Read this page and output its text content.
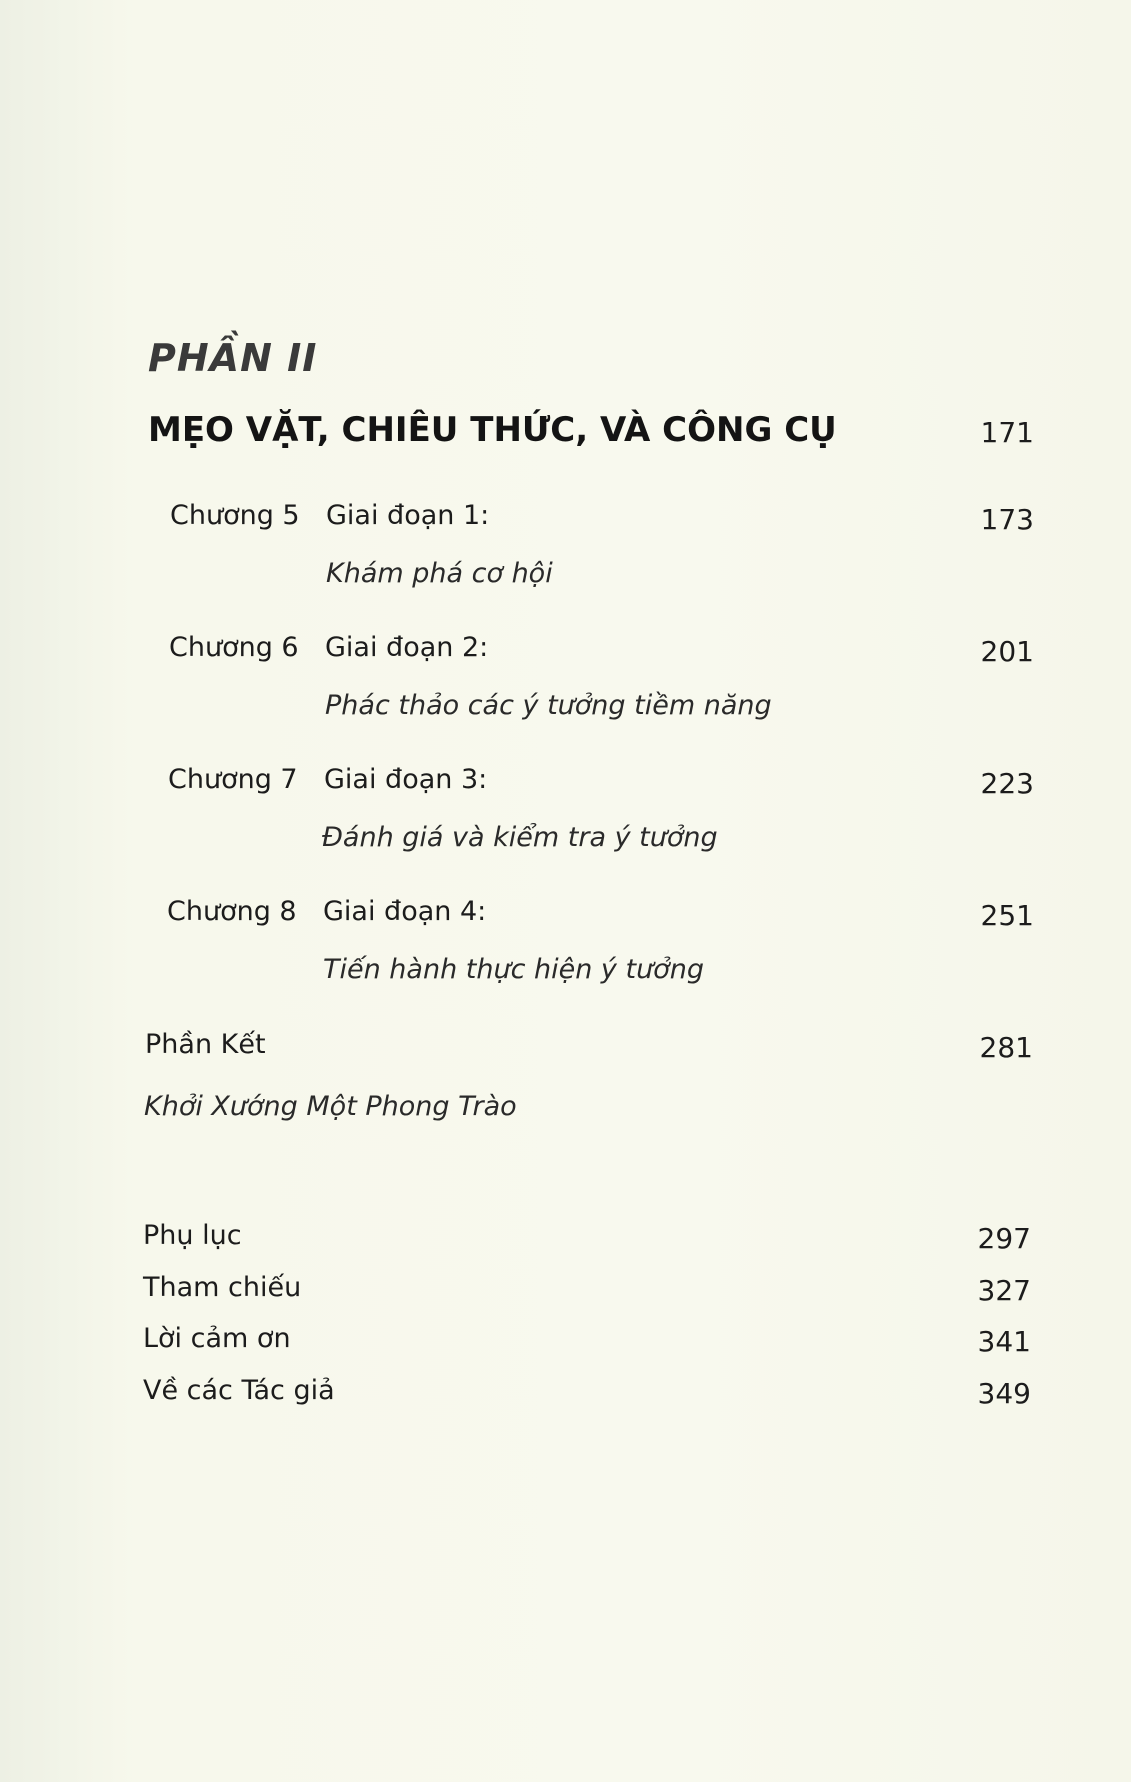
PHẦN II
MẸO VẶT, CHIÊU THỨC, VÀ CÔNG CỤ	171
Chương 5 Giai đoạn 1:	173
Khám phá cơ hội
Chương 6 Giai đoạn 2:	201
Phác thảo các ý tưởng tiềm năng
Chương 7 Giai đoạn 3:	223
Đánh giá và kiểm tra ý tưởng
Chương 8 Giai đoạn 4:	251
Tiến hành thực hiện ý tưởng
Phần Kết	281
Khởi Xướng Một Phong Trào
Phụ lục	297
Tham chiếu	327
Lời cảm ơn	341
Về các Tác giả	349
